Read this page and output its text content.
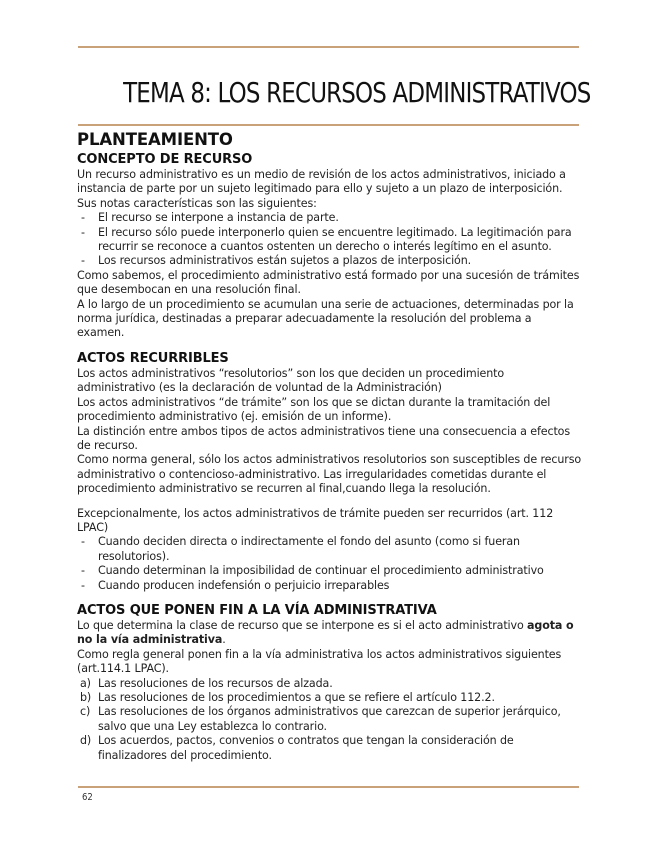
TEMA 8: LOS RECURSOS ADMINISTRATIVOS
PLANTEAMIENTO
CONCEPTO DE RECURSO

Un recurso administrativo es un medio de revisión de los actos administrativos, iniciado a instancia de parte por un sujeto legitimado para ello y sujeto a un plazo de interposición.

Sus notas características son las siguientes:

- El recurso se interpone a instancia de parte.
- El recurso sólo puede interponerlo quien se encuentre legitimado. La legitimación para recurrir se reconoce a cuantos ostenten un derecho o interés legítimo en el asunto.
- Los recursos administrativos están sujetos a plazos de interposición.

Como sabemos, el procedimiento administrativo está formado por una sucesión de trámites que desembocan en una resolución final.

A lo largo de un procedimiento se acumulan una serie de actuaciones, determinadas por la norma jurídica, destinadas a preparar adecuadamente la resolución del problema a examen.

ACTOS RECURRIBLES

Los actos administrativos “resolutorios” son los que deciden un procedimiento administrativo (es la declaración de voluntad de la Administración)

Los actos administrativos “de trámite” son los que se dictan durante la tramitación del procedimiento administrativo (ej. emisión de un informe).

La distinción entre ambos tipos de actos administrativos tiene una consecuencia a efectos de recurso.

Como norma general, sólo los actos administrativos resolutorios son susceptibles de recurso administrativo o contencioso-administrativo. Las irregularidades cometidas durante el procedimiento administrativo se recurren al final,cuando llega la resolución.

Excepcionalmente, los actos administrativos de trámite pueden ser recurridos (art. 112 LPAC)

- Cuando deciden directa o indirectamente el fondo del asunto (como si fueran resolutorios).
- Cuando determinan la imposibilidad de continuar el procedimiento administrativo
- Cuando producen indefensión o perjuicio irreparables
ACTOS QUE PONEN FIN A LA VÍA ADMINISTRATIVA

Lo que determina la clase de recurso que se interpone es si el acto administrativo agota o no la vía administrativa.

Como regla general ponen fin a la vía administrativa los actos administrativos siguientes (art.114.1 LPAC).

a) Las resoluciones de los recursos de alzada.
b) Las resoluciones de los procedimientos a que se refiere el artículo 112.2.
c) Las resoluciones de los órganos administrativos que carezcan de superior jerárquico, salvo que una Ley establezca lo contrario.
d) Los acuerdos, pactos, convenios o contratos que tengan la consideración de finalizadores del procedimiento.
62
